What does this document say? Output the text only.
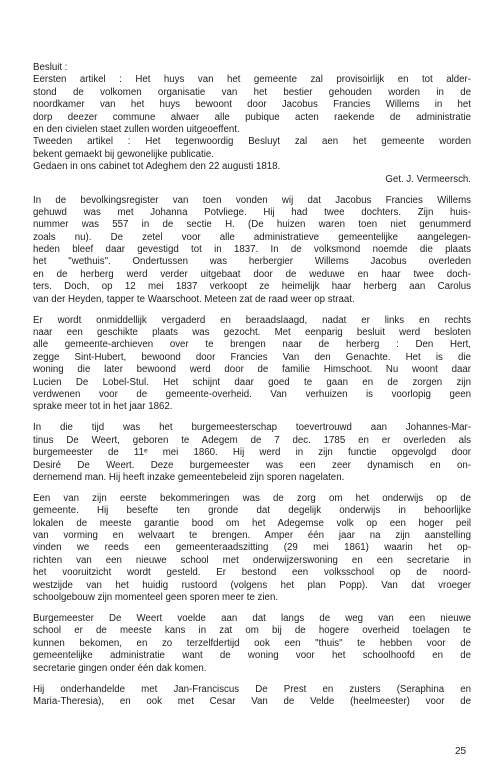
Besluit :
Eersten artikel : Het huys van het gemeente zal provisoirlijk en tot alder-
stond de volkomen organisatie van het bestier gehouden worden in de
noordkamer van het huys bewoont door Jacobus Francies Willems in het
dorp deezer commune alwaer alle pubique acten raekende de administratie
en den civielen staet zullen worden uitgeoeffent.
Tweeden artikel : Het tegenwoordig Besluyt zal aen het gemeente worden
bekent gemaekt bij gewonelijke publicatie.
Gedaen in ons cabinet tot Adeghem den 22 augusti 1818.
Get. J. Vermeersch.
In de bevolkingsregister van toen vonden wij dat Jacobus Francies Willems
gehuwd was met Johanna Potvliege. Hij had twee dochters. Zijn huis-
nummer was 557 in de sectie H. (De huizen waren toen niet genummerd
zoals nu). De zetel voor alle administratieve gemeentelijke aangelegen-
heden bleef daar gevestigd tot in 1837. In de volksmond noemde die plaats
het "wethuis". Ondertussen was herbergier Willems Jacobus overleden
en de herberg werd verder uitgebaat door de weduwe en haar twee doch-
ters. Doch, op 12 mei 1837 verkoopt ze heimelijk haar herberg aan Carolus
van der Heyden, tapper te Waarschoot. Meteen zat de raad weer op straat.
Er wordt onmiddellijk vergaderd en beraadslaagd, nadat er links en rechts
naar een geschikte plaats was gezocht. Met eenparig besluit werd besloten
alle gemeente-archieven over te brengen naar de herberg : Den Hert,
zegge Sint-Hubert, bewoond door Francies Van den Genachte. Het is die
woning die later bewoond werd door de familie Himschoot. Nu woont daar
Lucien De Lobel-Stul. Het schijnt daar goed te gaan en de zorgen zijn
verdwenen voor de gemeente-overheid. Van verhuizen is voorlopig geen
sprake meer tot in het jaar 1862.
In die tijd was het burgemeesterschap toevertrouwd aan Johannes-Mar-
tinus De Weert, geboren te Adegem de 7 dec. 1785 en er overleden als
burgemeester de 11ᵉ mei 1860. Hij werd in zijn functie opgevolgd door
Desiré De Weert. Deze burgemeester was een zeer dynamisch en on-
dernemend man. Hij heeft inzake gemeentebeleid zijn sporen nagelaten.
Een van zijn eerste bekommeringen was de zorg om het onderwijs op de
gemeente. Hij besefte ten gronde dat degelijk onderwijs in behoorlijke
lokalen de meeste garantie bood om het Adegemse volk op een hoger peil
van vorming en welvaart te brengen. Amper één jaar na zijn aanstelling
vinden we reeds een gemeenteraadszitting (29 mei 1861) waarin het op-
richten van een nieuwe school met onderwijzerswoning en een secretarie in
het vooruitzicht wordt gesteld. Er bestond een volksschool op de noord-
westzijde van het huidig rustoord (volgens het plan Popp). Van dat vroeger
schoolgebouw zijn momenteel geen sporen meer te zien.
Burgemeester De Weert voelde aan dat langs de weg van een nieuwe
school er de meeste kans in zat om bij de hogere overheid toelagen te
kunnen bekomen, en zo terzelfdertijd ook een "thuis" te hebben voor de
gemeentelijke administratie want de woning voor het schoolhoofd en de
secretarie gingen onder één dak komen.
Hij onderhandelde met Jan-Franciscus De Prest en zusters (Seraphina en
Maria-Theresia), en ook met Cesar Van de Velde (heelmeester) voor de
25
